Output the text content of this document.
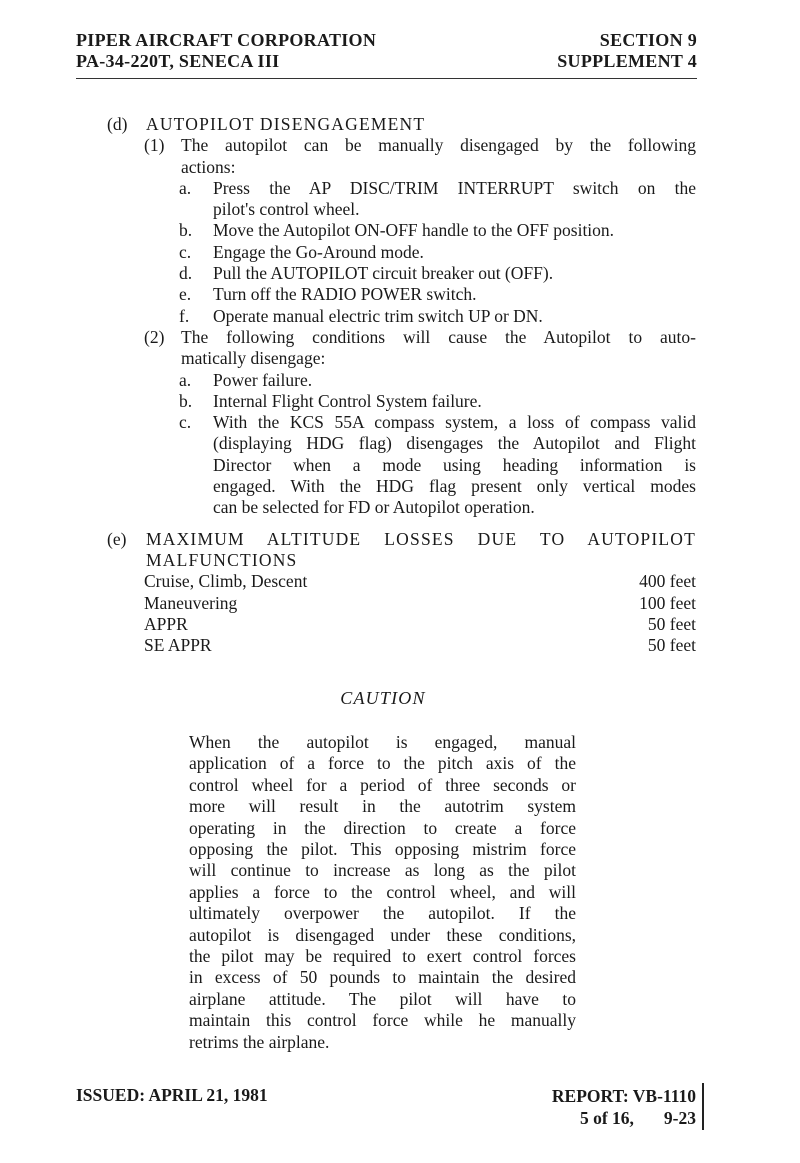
PIPER AIRCRAFT CORPORATION
PA-34-220T, SENECA III
SECTION 9
SUPPLEMENT 4
(d)	AUTOPILOT DISENGAGEMENT
(1) The autopilot can be manually disengaged by the following
actions:
a.	Press the AP DISC/TRIM INTERRUPT switch on the
pilot's control wheel.
b.	Move the Autopilot ON-OFF handle to the OFF position.
c.	Engage the Go-Around mode.
d.	Pull the AUTOPILOT circuit breaker out (OFF).
e.	Turn off the RADIO POWER switch.
f.	Operate manual electric trim switch UP or DN.
(2) The following conditions will cause the Autopilot to auto-
matically disengage:
a.	Power failure.
b.	Internal Flight Control System failure.
c.	With the KCS 55A compass system, a loss of compass valid
(displaying HDG flag) disengages the Autopilot and Flight
Director when a mode using heading information is
engaged. With the HDG flag present only vertical modes
can be selected for FD or Autopilot operation.
(e)	MAXIMUM ALTITUDE LOSSES DUE TO AUTOPILOT
MALFUNCTIONS
Cruise, Climb, Descent	400 feet
Maneuvering	100 feet
APPR	50 feet
SE APPR	50 feet
CAUTION
When the autopilot is engaged, manual
application of a force to the pitch axis of the
control wheel for a period of three seconds or
more will result in the autotrim system
operating in the direction to create a force
opposing the pilot. This opposing mistrim force
will continue to increase as long as the pilot
applies a force to the control wheel, and will
ultimately overpower the autopilot. If the
autopilot is disengaged under these conditions,
the pilot may be required to exert control forces
in excess of 50 pounds to maintain the desired
airplane attitude. The pilot will have to
maintain this control force while he manually
retrims the airplane.
ISSUED: APRIL 21, 1981	REPORT: VB-1110
5 of 16, 9-23
